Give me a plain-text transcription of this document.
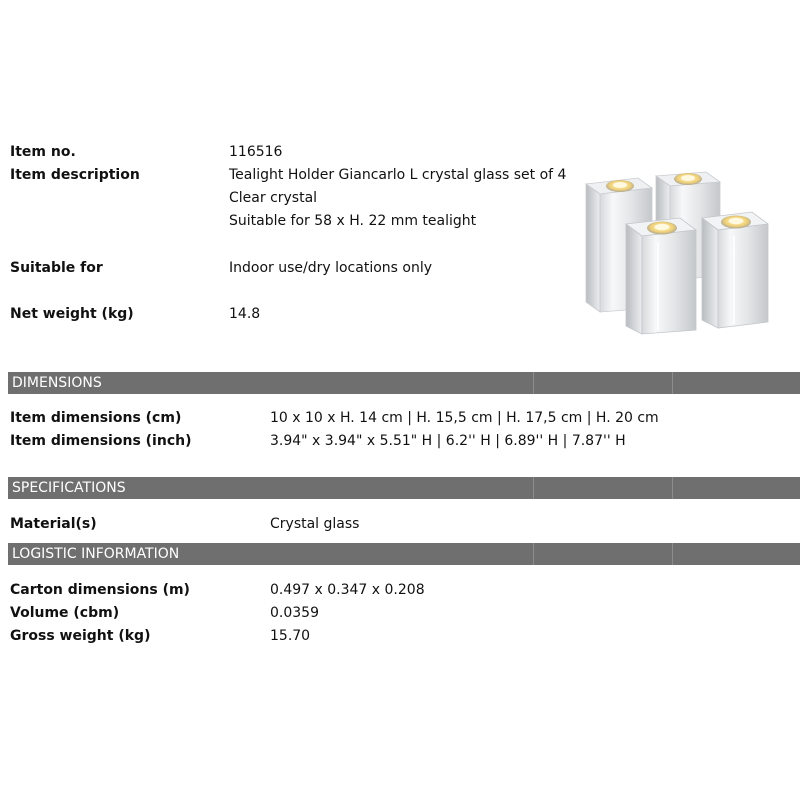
Item no.	116516
Item description	Tealight Holder Giancarlo L crystal glass set of 4
Clear crystal
Suitable for 58 x H. 22 mm tealight
Suitable for	Indoor use/dry locations only
Net weight (kg)	14.8
DIMENSIONS
Item dimensions (cm)	10 x 10 x H. 14 cm | H. 15,5 cm | H. 17,5 cm | H. 20 cm
Item dimensions (inch)	3.94" x 3.94" x 5.51" H | 6.2'' H | 6.89'' H | 7.87'' H
SPECIFICATIONS
Material(s)	Crystal glass
LOGISTIC INFORMATION
Carton dimensions (m)	0.497 x 0.347 x 0.208
Volume (cbm)	0.0359
Gross weight (kg)	15.70
